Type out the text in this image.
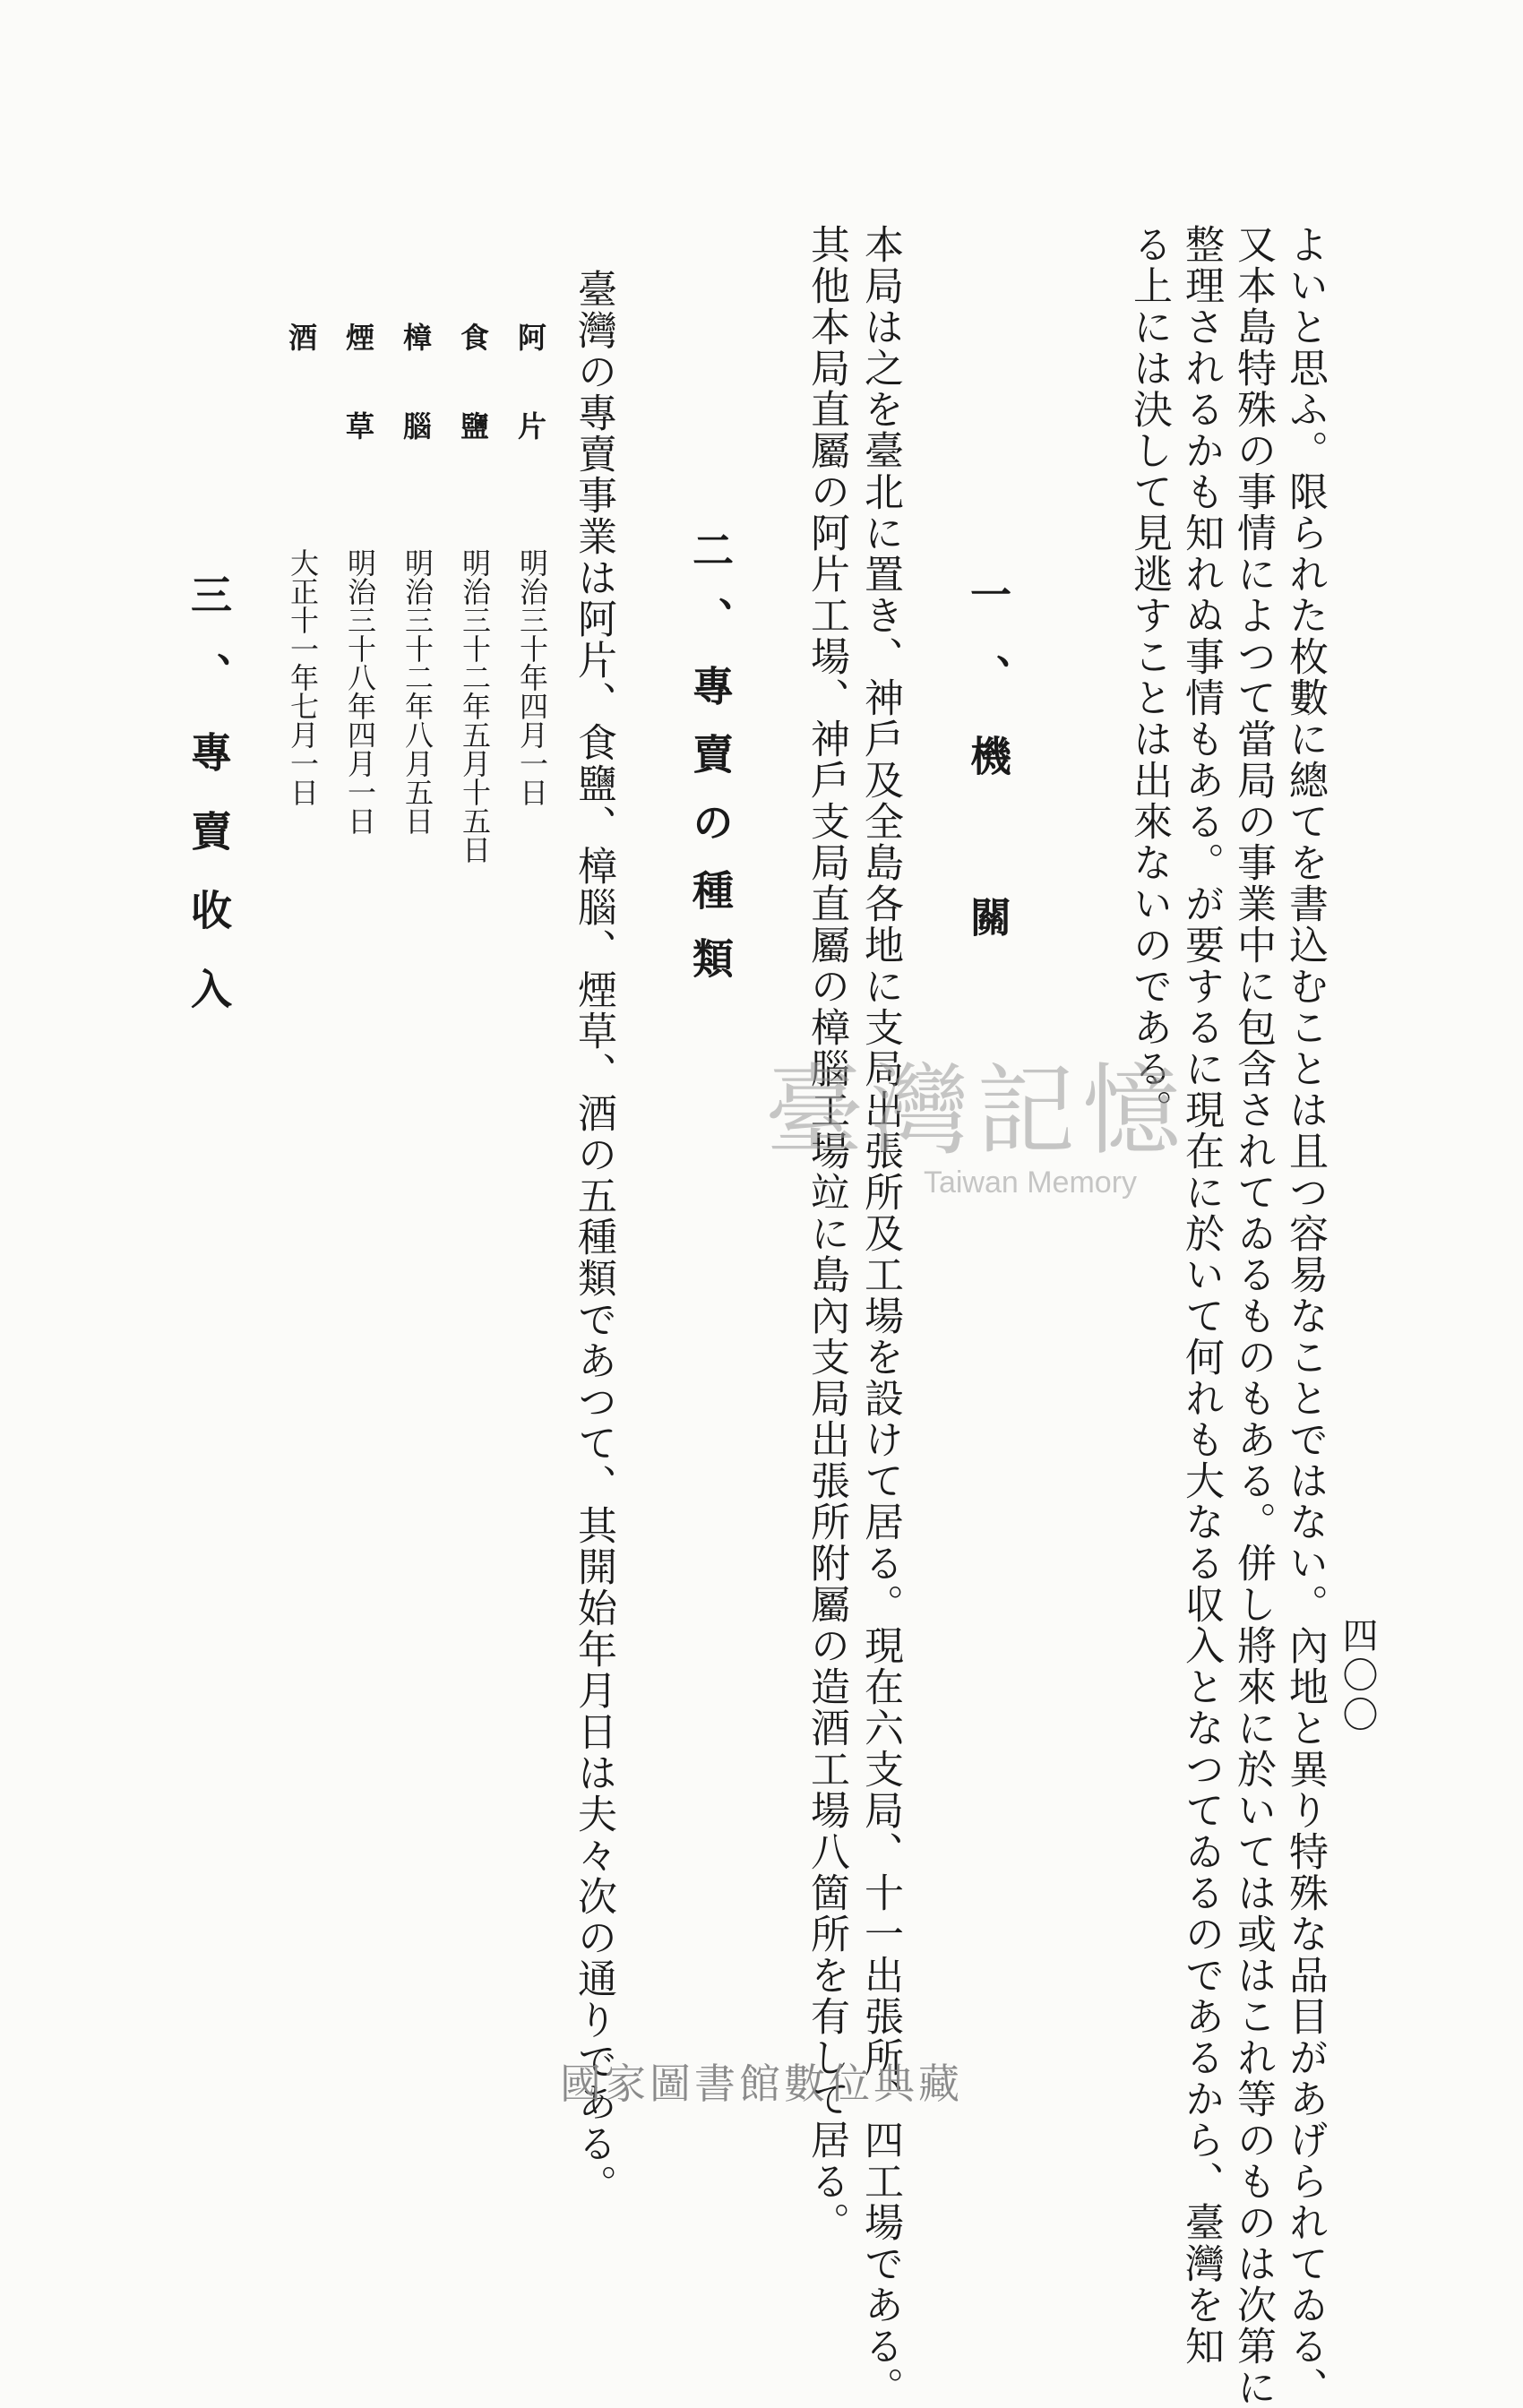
四〇〇
る上には決して見逃すことは出來ないのである。 整理されるかも知れぬ事情もある。が要するに現在に於いて何れも大なる収入となつてゐるのであるから、臺灣を知 又本島特殊の事情によつて當局の事業中に包含されてゐるものもある。併し將來に於いては或はこれ等のものは次第に よいと思ふ。限られた枚數に總てを書込むことは且つ容易なことではない。內地と異り特殊な品目があげられてゐる、
一、機　關
本局は之を臺北に置き、神戶及全島各地に支局出張所及工場を設けて居る。現在六支局、十一出張所、四工場である。
其他本局直屬の阿片工場、神戶支局直屬の樟腦工場竝に島內支局出張所附屬の造酒工場八箇所を有して居る。
二、專賣の種類
臺灣の專賣事業は阿片、食鹽、樟腦、煙草、酒の五種類であつて、其開始年月日は夫々次の通りである。
阿　　片
食　　鹽
樟　　腦
煙　　草
酒
明治三十年四月一日
明治三十二年五月十五日
明治三十二年八月五日
明治三十八年四月一日
大正十一年七月一日
三、專賣收入
臺灣記憶
Taiwan Memory
國家圖書館數位典藏
